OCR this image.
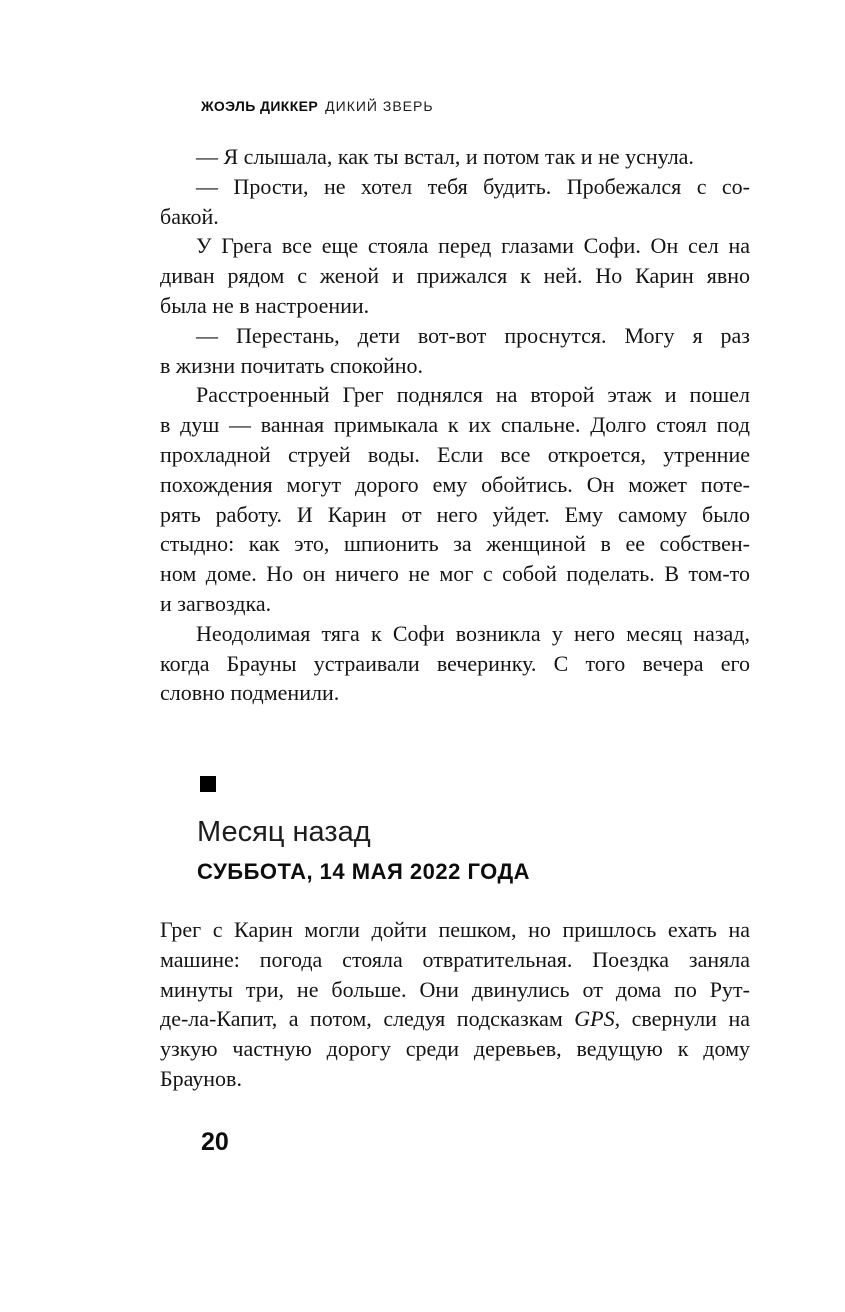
ЖОЭЛЬ ДИККЕР ДИКИЙ ЗВЕРЬ
— Я слышала, как ты встал, и потом так и не уснула.
— Прости, не хотел тебя будить. Пробежался с со-
бакой.
У Грега все еще стояла перед глазами Софи. Он сел на
диван рядом с женой и прижался к ней. Но Карин явно
была не в настроении.
— Перестань, дети вот-вот проснутся. Могу я раз
в жизни почитать спокойно.
Расстроенный Грег поднялся на второй этаж и пошел
в душ — ванная примыкала к их спальне. Долго стоял под
прохладной струей воды. Если все откроется, утренние
похождения могут дорого ему обойтись. Он может поте-
рять работу. И Карин от него уйдет. Ему самому было
стыдно: как это, шпионить за женщиной в ее собствен-
ном доме. Но он ничего не мог с собой поделать. В том-то
и загвоздка.
Неодолимая тяга к Софи возникла у него месяц назад,
когда Брауны устраивали вечеринку. С того вечера его
словно подменили.
Месяц назад
СУББОТА, 14 МАЯ 2022 ГОДА
Грег с Карин могли дойти пешком, но пришлось ехать на
машине: погода стояла отвратительная. Поездка заняла
минуты три, не больше. Они двинулись от дома по Рут-
де-ла-Капит, а потом, следуя подсказкам GPS, свернули на
узкую частную дорогу среди деревьев, ведущую к дому
Браунов.
20
